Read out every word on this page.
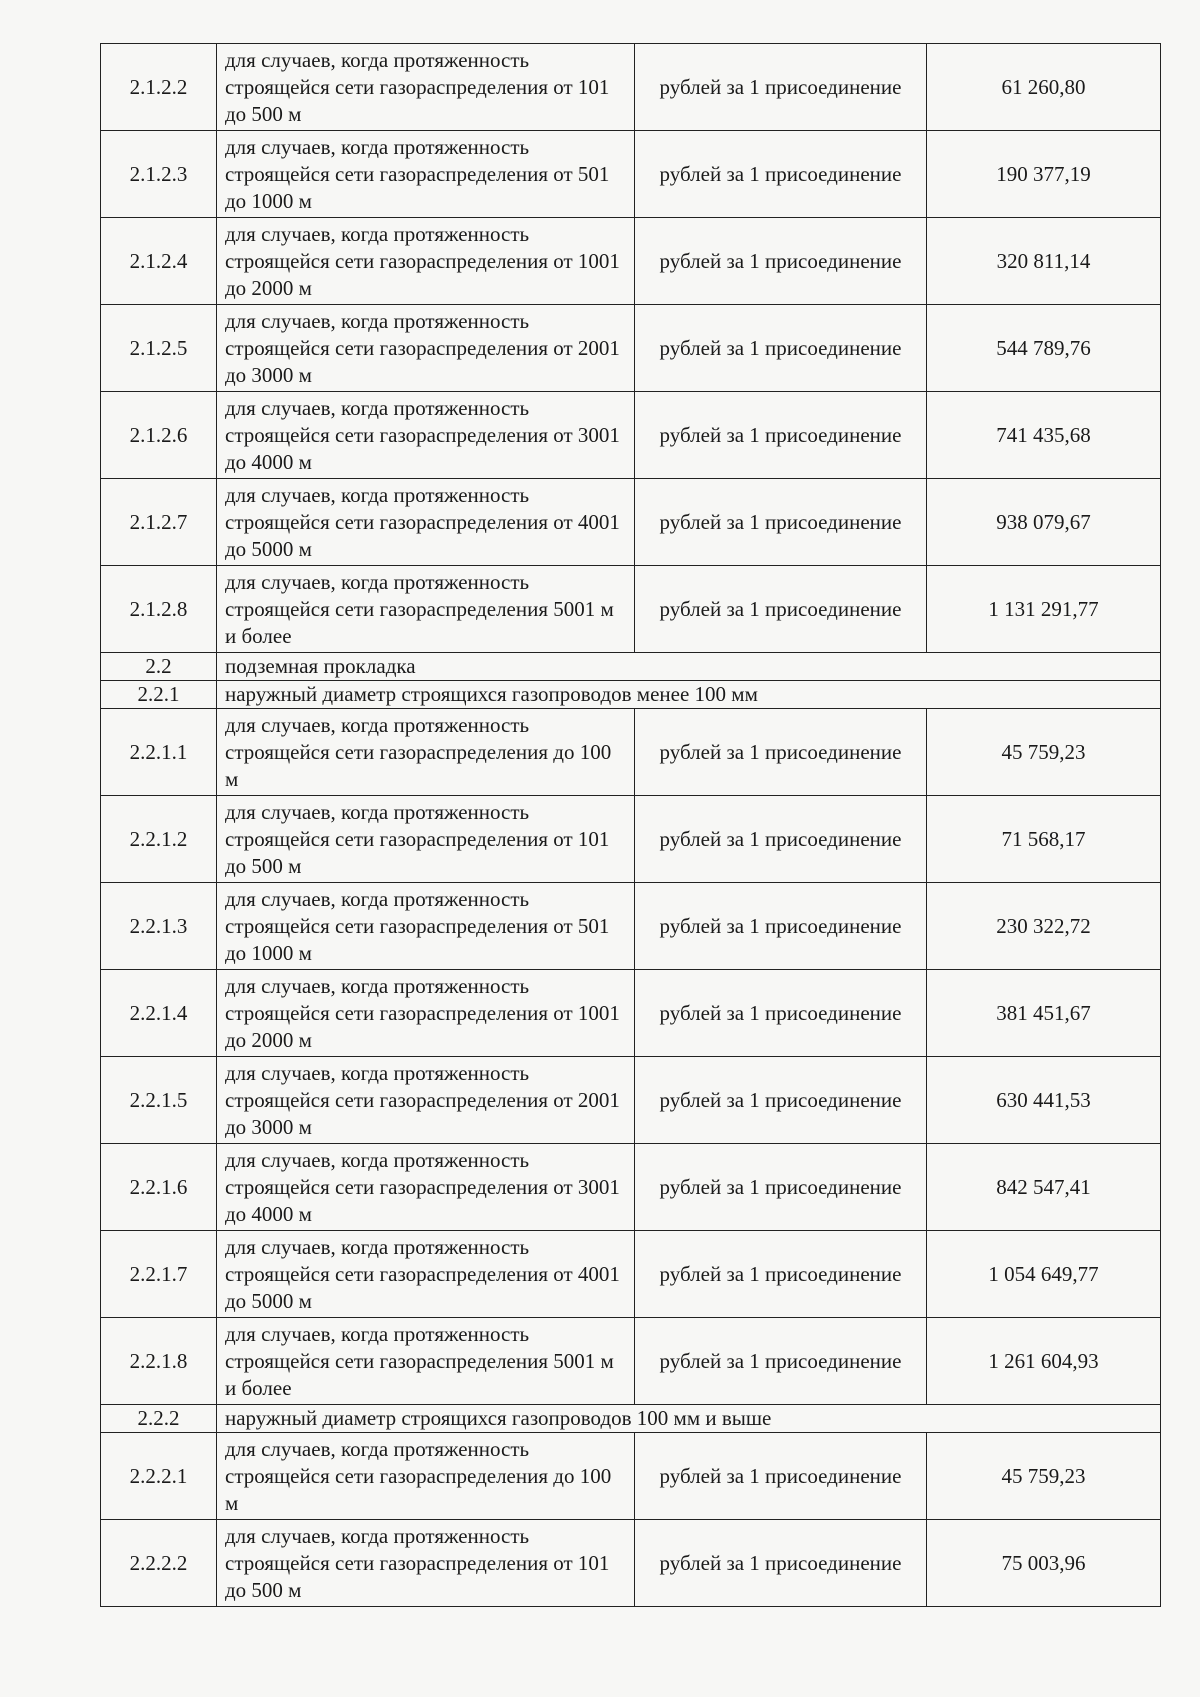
2.1.2.2	для случаев, когда протяженность строящейся сети газораспределения от 101 до 500 м	рублей за 1 присоединение	61 260,80
2.1.2.3	для случаев, когда протяженность строящейся сети газораспределения от 501 до 1000 м	рублей за 1 присоединение	190 377,19
2.1.2.4	для случаев, когда протяженность строящейся сети газораспределения от 1001 до 2000 м	рублей за 1 присоединение	320 811,14
2.1.2.5	для случаев, когда протяженность строящейся сети газораспределения от 2001 до 3000 м	рублей за 1 присоединение	544 789,76
2.1.2.6	для случаев, когда протяженность строящейся сети газораспределения от 3001 до 4000 м	рублей за 1 присоединение	741 435,68
2.1.2.7	для случаев, когда протяженность строящейся сети газораспределения от 4001 до 5000 м	рублей за 1 присоединение	938 079,67
2.1.2.8	для случаев, когда протяженность строящейся сети газораспределения 5001 м и более	рублей за 1 присоединение	1 131 291,77
2.2	подземная прокладка		
2.2.1	наружный диаметр строящихся газопроводов менее 100 мм		
2.2.1.1	для случаев, когда протяженность строящейся сети газораспределения до 100 м	рублей за 1 присоединение	45 759,23
2.2.1.2	для случаев, когда протяженность строящейся сети газораспределения от 101 до 500 м	рублей за 1 присоединение	71 568,17
2.2.1.3	для случаев, когда протяженность строящейся сети газораспределения от 501 до 1000 м	рублей за 1 присоединение	230 322,72
2.2.1.4	для случаев, когда протяженность строящейся сети газораспределения от 1001 до 2000 м	рублей за 1 присоединение	381 451,67
2.2.1.5	для случаев, когда протяженность строящейся сети газораспределения от 2001 до 3000 м	рублей за 1 присоединение	630 441,53
2.2.1.6	для случаев, когда протяженность строящейся сети газораспределения от 3001 до 4000 м	рублей за 1 присоединение	842 547,41
2.2.1.7	для случаев, когда протяженность строящейся сети газораспределения от 4001 до 5000 м	рублей за 1 присоединение	1 054 649,77
2.2.1.8	для случаев, когда протяженность строящейся сети газораспределения 5001 м и более	рублей за 1 присоединение	1 261 604,93
2.2.2	наружный диаметр строящихся газопроводов 100 мм и выше		
2.2.2.1	для случаев, когда протяженность строящейся сети газораспределения до 100 м	рублей за 1 присоединение	45 759,23
2.2.2.2	для случаев, когда протяженность строящейся сети газораспределения от 101 до 500 м	рублей за 1 присоединение	75 003,96
